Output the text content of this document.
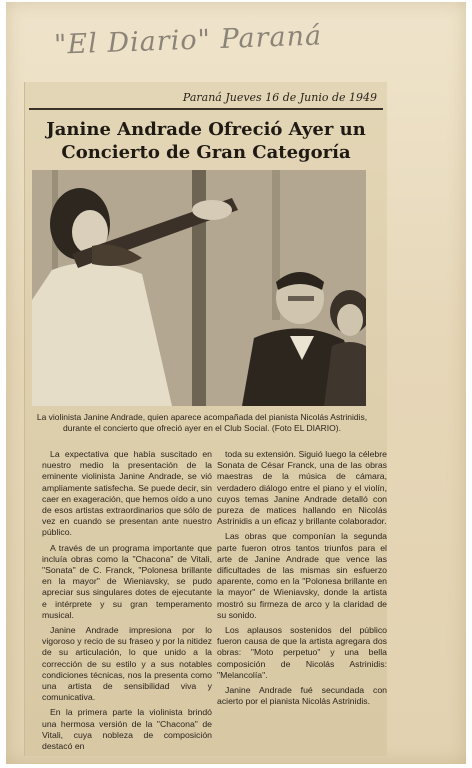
"El Diario" Paraná
Paraná Jueves 16 de Junio de 1949
Janine Andrade Ofreció Ayer un
Concierto de Gran Categoría
La violinista Janine Andrade, quien aparece acompañada del pianista Nicolás Astrinidis, durante el concierto que ofreció ayer en el Club Social. (Foto EL DIARIO).

La expectativa que había suscitado en nuestro medio la presentación de la eminente violinista Janine Andrade, se vió ampliamente satisfecha. Se puede decir, sin caer en exageración, que hemos oído a uno de esos artistas extraordinarios que sólo de vez en cuando se presentan ante nuestro público.

A través de un programa importante que incluía obras como la "Chacona" de Vitali, "Sonata" de C. Franck, "Polonesa brillante en la mayor" de Wieniavsky, se pudo apreciar sus singulares dotes de ejecutante e intérprete y su gran temperamento musical.

Janine Andrade impresiona por lo vigoroso y recio de su fraseo y por la nitidez de su articulación, lo que unido a la corrección de su estilo y a sus notables condiciones técnicas, nos la presenta como una artista de sensibilidad viva y comunicativa.

En la primera parte la violinista brindó una hermosa versión de la "Chacona" de Vitali, cuya nobleza de composición destacó en

toda su extensión. Siguió luego la célebre Sonata de César Franck, una de las obras maestras de la música de cámara, verdadero diálogo entre el piano y el violín, cuyos temas Janine Andrade detalló con pureza de matices hallando en Nicolás Astrinidis a un eficaz y brillante colaborador.

Las obras que componían la segunda parte fueron otros tantos triunfos para el arte de Janine Andrade que vence las dificultades de las mismas sin esfuerzo aparente, como en la "Polonesa brillante en la mayor" de Wieniavsky, donde la artista mostró su firmeza de arco y la claridad de su sonido.

Los aplausos sostenidos del público fueron causa de que la artista agregara dos obras: "Moto perpetuo" y una bella composición de Nicolás Astrinidis: "Melancolía".

Janine Andrade fué secundada con acierto por el pianista Nicolás Astrinidis.
